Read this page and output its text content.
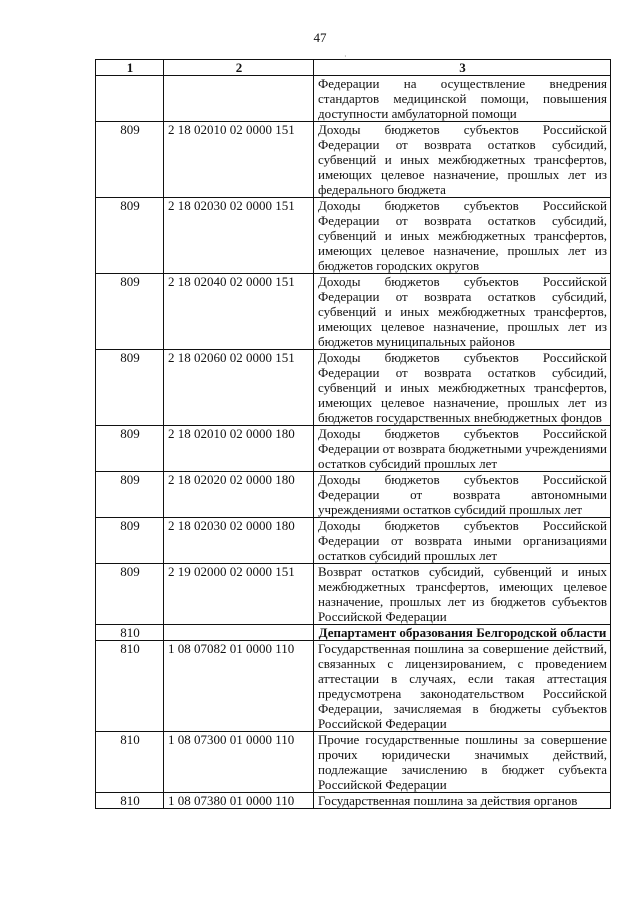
47
·
1	2	3
		Федерации на осуществление внедрения стандартов медицинской помощи, повышения доступности амбулаторной помощи
809	2 18 02010 02 0000 151	Доходы бюджетов субъектов Российской Федерации от возврата остатков субсидий, субвенций и иных межбюджетных трансфертов, имеющих целевое назначение, прошлых лет из федерального бюджета
809	2 18 02030 02 0000 151	Доходы бюджетов субъектов Российской Федерации от возврата остатков субсидий, субвенций и иных межбюджетных трансфертов, имеющих целевое назначение, прошлых лет из бюджетов городских округов
809	2 18 02040 02 0000 151	Доходы бюджетов субъектов Российской Федерации от возврата остатков субсидий, субвенций и иных межбюджетных трансфертов, имеющих целевое назначение, прошлых лет из бюджетов муниципальных районов
809	2 18 02060 02 0000 151	Доходы бюджетов субъектов Российской Федерации от возврата остатков субсидий, субвенций и иных межбюджетных трансфертов, имеющих целевое назначение, прошлых лет из бюджетов государственных внебюджетных фондов
809	2 18 02010 02 0000 180	Доходы бюджетов субъектов Российской Федерации от возврата бюджетными учреждениями остатков субсидий прошлых лет
809	2 18 02020 02 0000 180	Доходы бюджетов субъектов Российской Федерации от возврата автономными учреждениями остатков субсидий прошлых лет
809	2 18 02030 02 0000 180	Доходы бюджетов субъектов Российской Федерации от возврата иными организациями остатков субсидий прошлых лет
809	2 19 02000 02 0000 151	Возврат остатков субсидий, субвенций и иных межбюджетных трансфертов, имеющих целевое назначение, прошлых лет из бюджетов субъектов Российской Федерации
810		Департамент образования Белгородской области
810	1 08 07082 01 0000 110	Государственная пошлина за совершение действий, связанных с лицензированием, с проведением аттестации в случаях, если такая аттестация предусмотрена законодательством Российской Федерации, зачисляемая в бюджеты субъектов Российской Федерации
810	1 08 07300 01 0000 110	Прочие государственные пошлины за совершение прочих юридически значимых действий, подлежащие зачислению в бюджет субъекта Российской Федерации
810	1 08 07380 01 0000 110	Государственная пошлина за действия органов
